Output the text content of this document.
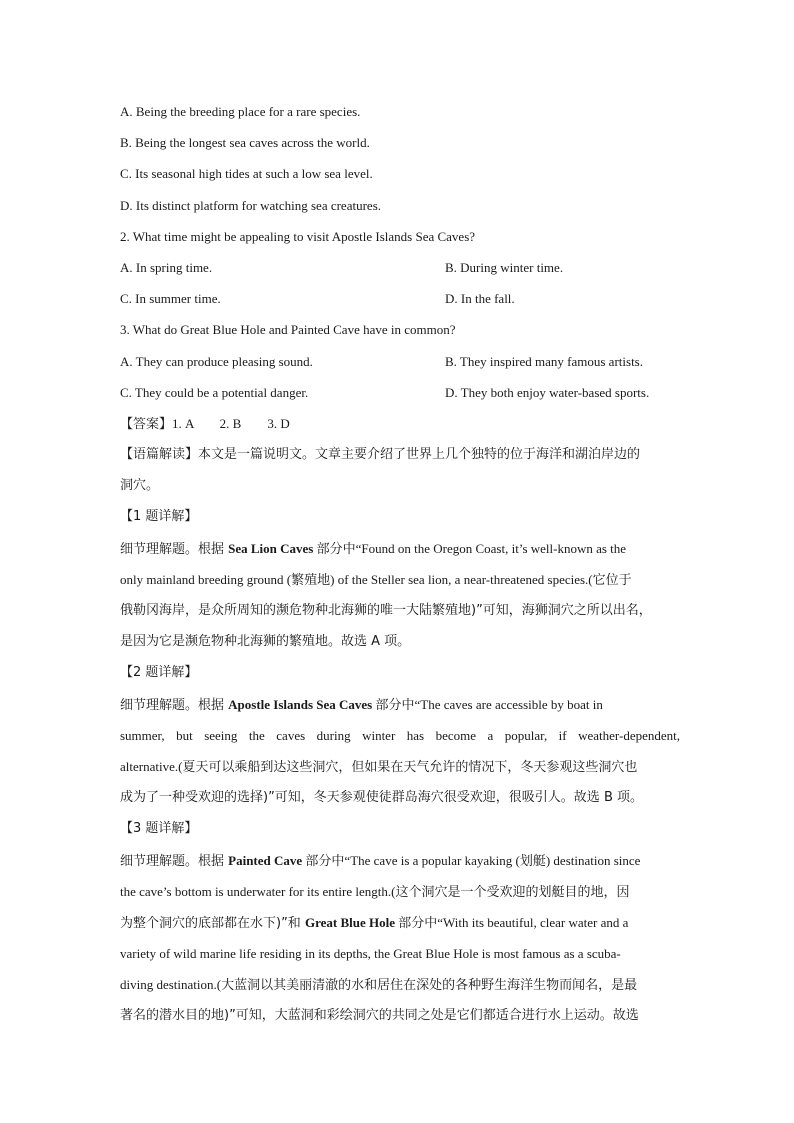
A. Being the breeding place for a rare species.
B. Being the longest sea caves across the world.
C. Its seasonal high tides at such a low sea level.
D. Its distinct platform for watching sea creatures.
2. What time might be appealing to visit Apostle Islands Sea Caves?
A. In spring time.	B. During winter time.
C. In summer time.	D. In the fall.
3. What do Great Blue Hole and Painted Cave have in common?
A. They can produce pleasing sound.	B. They inspired many famous artists.
C. They could be a potential danger.	D. They both enjoy water-based sports.
【答案】1. A        2. B        3. D
【语篇解读】本文是一篇说明文。文章主要介绍了世界上几个独特的位于海洋和湖泊岸边的
洞穴。
【1 题详解】
细节理解题。根据 Sea Lion Caves 部分中“Found on the Oregon Coast, it’s well-known as the
only mainland breeding ground (繁殖地) of the Steller sea lion, a near-threatened species.(它位于
俄勒冈海岸，是众所周知的濒危物种北海狮的唯一大陆繁殖地)”可知，海狮洞穴之所以出名，
是因为它是濒危物种北海狮的繁殖地。故选 A 项。
【2 题详解】
细节理解题。根据 Apostle Islands Sea Caves 部分中“The caves are accessible by boat in
summer, but seeing the caves during winter has become a popular, if weather-dependent,
alternative.(夏天可以乘船到达这些洞穴，但如果在天气允许的情况下，冬天参观这些洞穴也
成为了一种受欢迎的选择)”可知，冬天参观使徒群岛海穴很受欢迎，很吸引人。故选 B 项。
【3 题详解】
细节理解题。根据 Painted Cave 部分中“The cave is a popular kayaking (划艇) destination since
the cave’s bottom is underwater for its entire length.(这个洞穴是一个受欢迎的划艇目的地，因
为整个洞穴的底部都在水下)”和 Great Blue Hole 部分中“With its beautiful, clear water and a
variety of wild marine life residing in its depths, the Great Blue Hole is most famous as a scuba-
diving destination.(大蓝洞以其美丽清澈的水和居住在深处的各种野生海洋生物而闻名，是最
著名的潜水目的地)”可知，大蓝洞和彩绘洞穴的共同之处是它们都适合进行水上运动。故选
